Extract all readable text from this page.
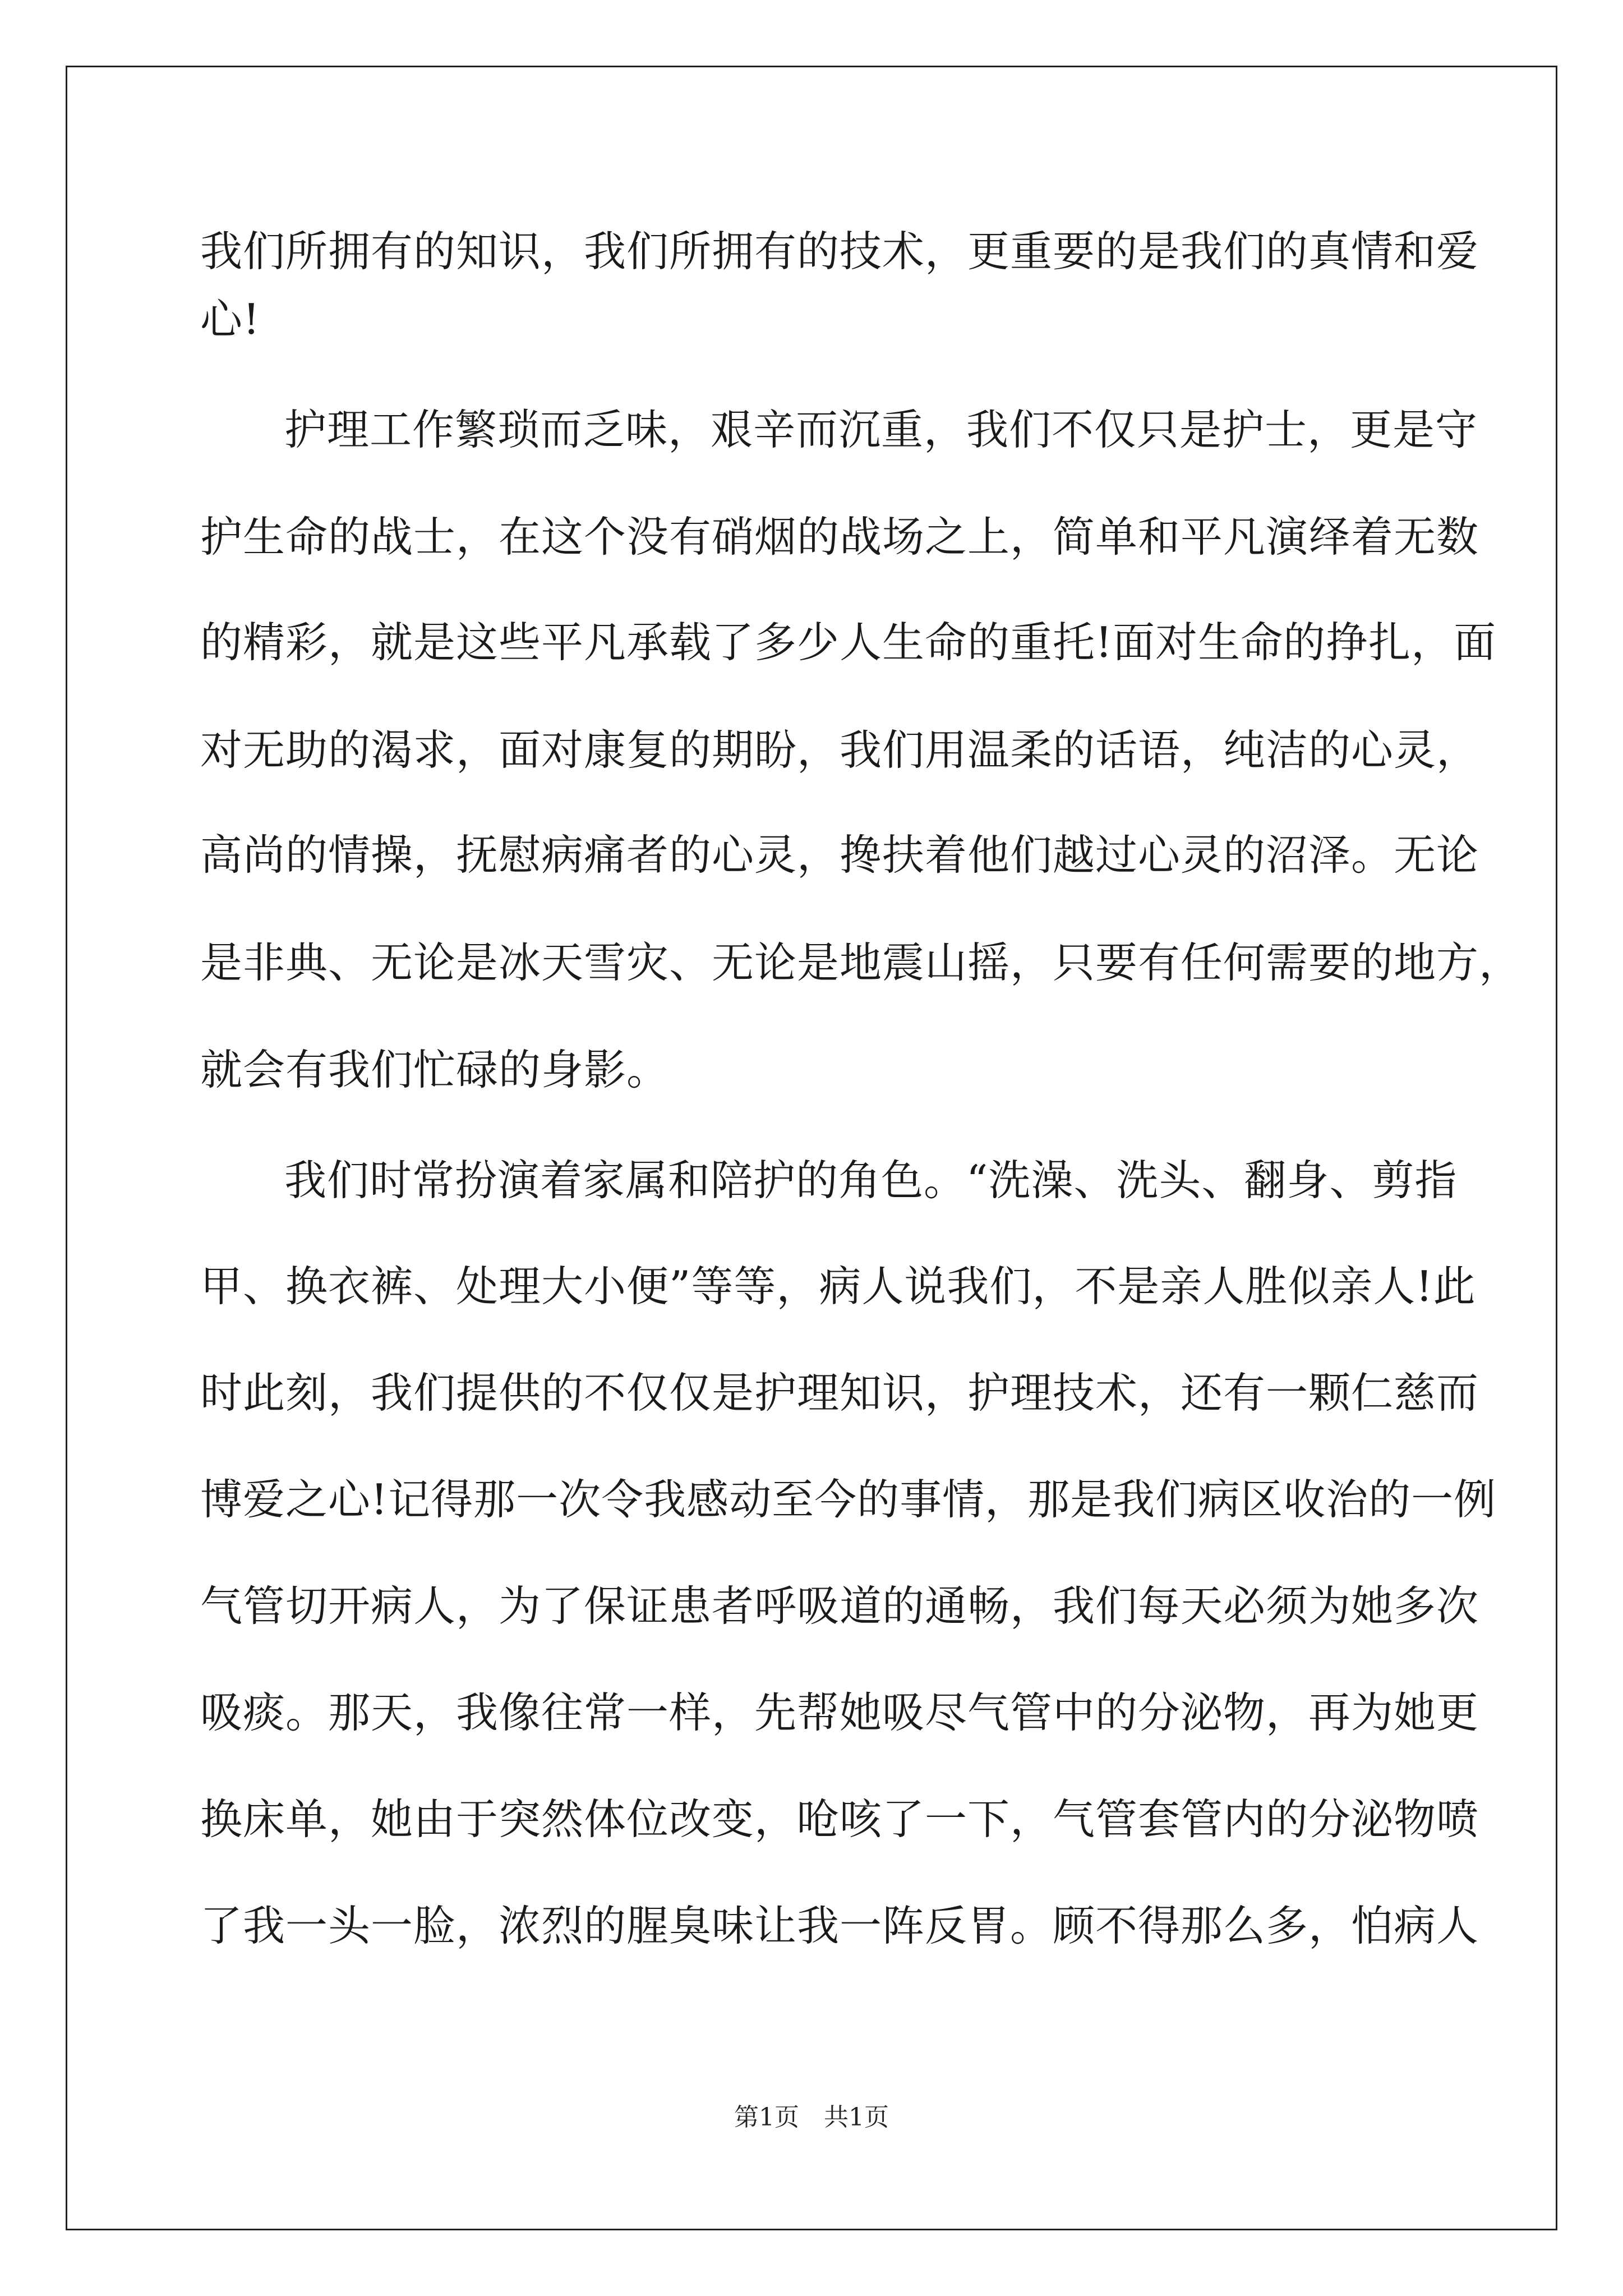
我们所拥有的知识，我们所拥有的技术，更重要的是我们的真情和爱
心!
护理工作繁琐而乏味，艰辛而沉重，我们不仅只是护士，更是守
护生命的战士，在这个没有硝烟的战场之上，简单和平凡演绎着无数
的精彩，就是这些平凡承载了多少人生命的重托!面对生命的挣扎，面
对无助的渴求，面对康复的期盼，我们用温柔的话语，纯洁的心灵，
高尚的情操，抚慰病痛者的心灵，搀扶着他们越过心灵的沼泽。无论
是非典、无论是冰天雪灾、无论是地震山摇，只要有任何需要的地方，
就会有我们忙碌的身影。
我们时常扮演着家属和陪护的角色。“洗澡、洗头、翻身、剪指
甲、换衣裤、处理大小便”等等，病人说我们，不是亲人胜似亲人!此
时此刻，我们提供的不仅仅是护理知识，护理技术，还有一颗仁慈而
博爱之心!记得那一次令我感动至今的事情，那是我们病区收治的一例
气管切开病人，为了保证患者呼吸道的通畅，我们每天必须为她多次
吸痰。那天，我像往常一样，先帮她吸尽气管中的分泌物，再为她更
换床单，她由于突然体位改变，呛咳了一下，气管套管内的分泌物喷
了我一头一脸，浓烈的腥臭味让我一阵反胃。顾不得那么多，怕病人
第1页　共1页
